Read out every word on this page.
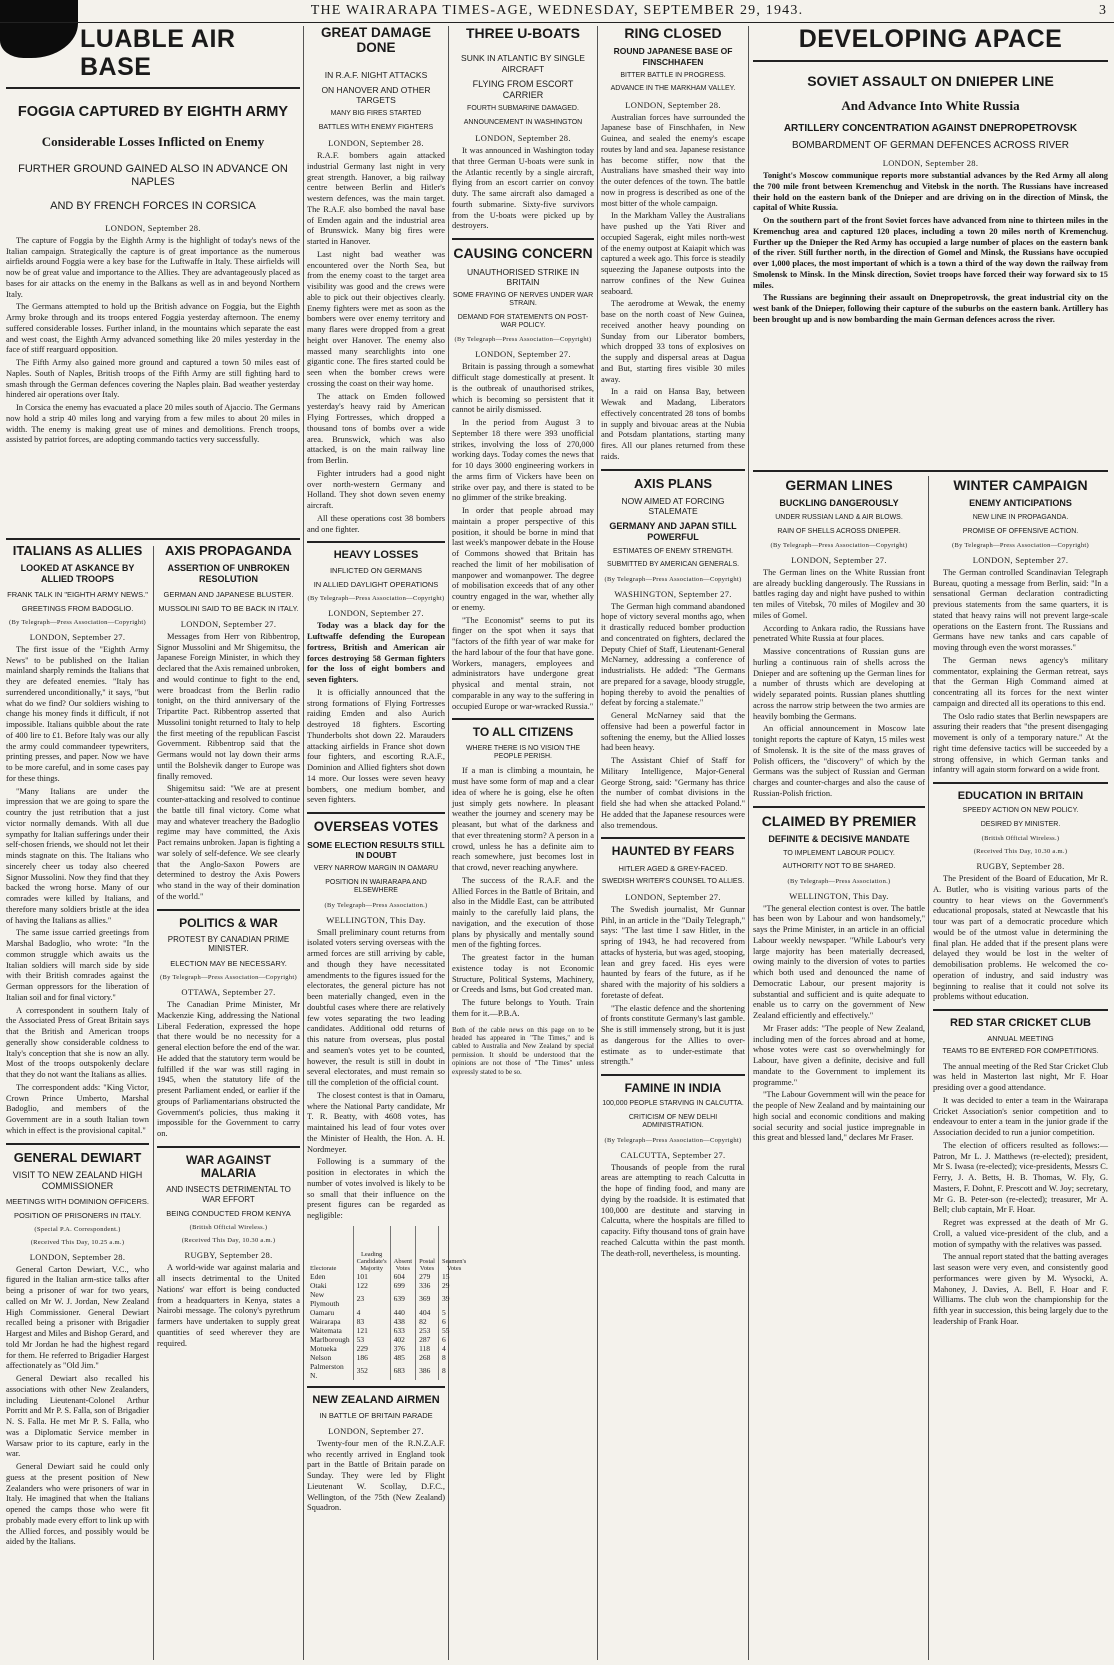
THE WAIRARAPA TIMES-AGE, WEDNESDAY, SEPTEMBER 29, 1943.	3
LUABLE AIR BASE
FOGGIA CAPTURED BY EIGHTH ARMY
Considerable Losses Inflicted on Enemy
FURTHER GROUND GAINED ALSO IN ADVANCE ON NAPLES
AND BY FRENCH FORCES IN CORSICA
LONDON, September 28.

The capture of Foggia by the Eighth Army is the highlight of today's news of the Italian campaign. Strategically the capture is of great importance as the numerous airfields around Foggia were a key base for the Luftwaffe in Italy. These airfields will now be of great value and importance to the Allies. They are advantageously placed as bases for air attacks on the enemy in the Balkans as well as in and beyond Northern Italy.

The Germans attempted to hold up the British advance on Foggia, but the Eighth Army broke through and its troops entered Foggia yesterday afternoon. The enemy suffered considerable losses. Further inland, in the mountains which separate the east and west coast, the Eighth Army advanced something like 20 miles yesterday in the face of stiff rearguard opposition.

The Fifth Army also gained more ground and captured a town 50 miles east of Naples. South of Naples, British troops of the Fifth Army are still fighting hard to smash through the German defences covering the Naples plain. Bad weather yesterday hindered air operations over Italy.

In Corsica the enemy has evacuated a place 20 miles south of Ajaccio. The Germans now hold a strip 40 miles long and varying from a few miles to about 20 miles in width. The enemy is making great use of mines and demolitions. French troops, assisted by patriot forces, are adopting commando tactics very successfully.

ITALIANS AS ALLIES
LOOKED AT ASKANCE BY ALLIED TROOPS
FRANK TALK IN "EIGHTH ARMY NEWS."
GREETINGS FROM BADOGLIO.
(By Telegraph—Press Association—Copyright)
LONDON, September 27.

The first issue of the "Eighth Army News" to be published on the Italian mainland sharply reminds the Italians that they are defeated enemies. "Italy has surrendered unconditionally," it says, "but what do we find? Our soldiers wishing to change his money finds it difficult, if not impossible. Italians quibble about the rate of 400 lire to £1. Before Italy was our ally the army could commandeer typewriters, printing presses, and paper. Now we have to be more careful, and in some cases pay for these things.

"Many Italians are under the impression that we are going to spare the country the just retribution that a just victor normally demands. With all due sympathy for Italian sufferings under their self-chosen friends, we should not let their minds stagnate on this. The Italians who sincerely cheer us today also cheered Signor Mussolini. Now they find that they backed the wrong horse. Many of our comrades were killed by Italians, and therefore many soldiers bristle at the idea of having the Italians as allies."

The same issue carried greetings from Marshal Badoglio, who wrote: "In the common struggle which awaits us the Italian soldiers will march side by side with their British comrades against the German oppressors for the liberation of Italian soil and for final victory."

A correspondent in southern Italy of the Associated Press of Great Britain says that the British and American troops generally show considerable coldness to Italy's conception that she is now an ally. Most of the troops outspokenly declare that they do not want the Italians as allies.

The correspondent adds: "King Victor, Crown Prince Umberto, Marshal Badoglio, and members of the Government are in a south Italian town which in effect is the provisional capital."

GENERAL DEWIART
VISIT TO NEW ZEALAND HIGH COMMISSIONER
MEETINGS WITH DOMINION OFFICERS.
POSITION OF PRISONERS IN ITALY.
(Special P.A. Correspondent.)
(Received This Day, 10.25 a.m.)
LONDON, September 28.

General Carton Dewiart, V.C., who figured in the Italian arm-stice talks after being a prisoner of war for two years, called on Mr W. J. Jordan, New Zealand High Commissioner. General Dewiart recalled being a prisoner with Brigadier Hargest and Miles and Bishop Gerard, and told Mr Jordan he had the highest regard for them. He referred to Brigadier Hargest affectionately as "Old Jim."

General Dewiart also recalled his associations with other New Zealanders, including Lieutenant-Colonel Arthur Porritt and Mr P. S. Falla, son of Brigadier N. S. Falla. He met Mr P. S. Falla, who was a Diplomatic Service member in Warsaw prior to its capture, early in the war.

General Dewiart said he could only guess at the present position of New Zealanders who were prisoners of war in Italy. He imagined that when the Italians opened the camps those who were fit probably made every effort to link up with the Allied forces, and possibly would be aided by the Italians.

AXIS PROPAGANDA
ASSERTION OF UNBROKEN RESOLUTION
GERMAN AND JAPANESE BLUSTER.
MUSSOLINI SAID TO BE BACK IN ITALY.
LONDON, September 27.

Messages from Herr von Ribbentrop, Signor Mussolini and Mr Shigemitsu, the Japanese Foreign Minister, in which they declared that the Axis remained unbroken, and would continue to fight to the end, were broadcast from the Berlin radio tonight, on the third anniversary of the Tripartite Pact. Ribbentrop asserted that Mussolini tonight returned to Italy to help the first meeting of the republican Fascist Government. Ribbentrop said that the Germans would not lay down their arms until the Bolshevik danger to Europe was finally removed.

Shigemitsu said: "We are at present counter-attacking and resolved to continue the battle till final victory. Come what may and whatever treachery the Badoglio regime may have committed, the Axis Pact remains unbroken. Japan is fighting a war solely of self-defence. We see clearly that the Anglo-Saxon Powers are determined to destroy the Axis Powers who stand in the way of their domination of the world."

POLITICS & WAR
PROTEST BY CANADIAN PRIME MINISTER.
ELECTION MAY BE NECESSARY.
(By Telegraph—Press Association—Copyright)
OTTAWA, September 27.

The Canadian Prime Minister, Mr Mackenzie King, addressing the National Liberal Federation, expressed the hope that there would be no necessity for a general election before the end of the war. He added that the statutory term would be fulfilled if the war was still raging in 1945, when the statutory life of the present Parliament ended, or earlier if the groups of Parliamentarians obstructed the Government's policies, thus making it impossible for the Government to carry on.

WAR AGAINST MALARIA
AND INSECTS DETRIMENTAL TO WAR EFFORT
BEING CONDUCTED FROM KENYA
(British Official Wireless.)
(Received This Day, 10.30 a.m.)
RUGBY, September 28.

A world-wide war against malaria and all insects detrimental to the United Nations' war effort is being conducted from a headquarters in Kenya, states a Nairobi message. The colony's pyrethrum farmers have undertaken to supply great quantities of seed wherever they are required.

GREAT DAMAGE DONE
IN R.A.F. NIGHT ATTACKS
ON HANOVER AND OTHER TARGETS
MANY BIG FIRES STARTED
BATTLES WITH ENEMY FIGHTERS
LONDON, September 28.

R.A.F. bombers again attacked industrial Germany last night in very great strength. Hanover, a big railway centre between Berlin and Hitler's western defences, was the main target. The R.A.F. also bombed the naval base of Emden again and the industrial area of Brunswick. Many big fires were started in Hanover.

Last night bad weather was encountered over the North Sea, but from the enemy coast to the target area visibility was good and the crews were able to pick out their objectives clearly. Enemy fighters were met as soon as the bombers were over enemy territory and many flares were dropped from a great height over Hanover. The enemy also massed many searchlights into one gigantic cone. The fires started could be seen when the bomber crews were crossing the coast on their way home.

The attack on Emden followed yesterday's heavy raid by American Flying Fortresses, which dropped a thousand tons of bombs over a wide area. Brunswick, which was also attacked, is on the main railway line from Berlin.

Fighter intruders had a good night over north-western Germany and Holland. They shot down seven enemy aircraft.

All these operations cost 38 bombers and one fighter.

HEAVY LOSSES
INFLICTED ON GERMANS
IN ALLIED DAYLIGHT OPERATIONS
(By Telegraph—Press Association—Copyright)
LONDON, September 27.

Today was a black day for the Luftwaffe defending the European fortress, British and American air forces destroying 58 German fighters for the loss of eight bombers and seven fighters.

It is officially announced that the strong formations of Flying Fortresses raiding Emden and also Aurich destroyed 18 fighters. Escorting Thunderbolts shot down 22. Marauders attacking airfields in France shot down four fighters, and escorting R.A.F., Dominion and Allied fighters shot down 14 more. Our losses were seven heavy bombers, one medium bomber, and seven fighters.

OVERSEAS VOTES
SOME ELECTION RESULTS STILL IN DOUBT
VERY NARROW MARGIN IN OAMARU
POSITION IN WAIRARAPA AND ELSEWHERE
(By Telegraph—Press Association.)
WELLINGTON, This Day.

Small preliminary count returns from isolated voters serving overseas with the armed forces are still arriving by cable, and though they have necessitated amendments to the figures issued for the electorates, the general picture has not been materially changed, even in the doubtful cases where there are relatively few votes separating the two leading candidates. Additional odd returns of this nature from overseas, plus postal and seamen's votes yet to be counted, however, the result is still in doubt in several electorates, and must remain so till the completion of the official count.

The closest contest is that in Oamaru, where the National Party candidate, Mr T. R. Beatty, with 4608 votes, has maintained his lead of four votes over the Minister of Health, the Hon. A. H. Nordmeyer.

Following is a summary of the position in electorates in which the number of votes involved is likely to be so small that their influence on the present figures can be regarded as negligible:

Electorate	Leading Candidate's Majority	Absent Votes	Postal Votes	Seamen's Votes
Eden	101	604	279	15
Otaki	122	699	336	29
New Plymouth	23	639	369	39
Oamaru	4	440	404	5
Wairarapa	83	438	82	6
Waitemata	121	633	253	55
Marlborough	53	402	287	6
Motueka	229	376	118	4
Nelson	186	485	268	8
Palmerston N.	352	683	386	8
NEW ZEALAND AIRMEN
IN BATTLE OF BRITAIN PARADE
LONDON, September 27.

Twenty-four men of the R.N.Z.A.F. who recently arrived in England took part in the Battle of Britain parade on Sunday. They were led by Flight Lieutenant W. Scollay, D.F.C., Wellington, of the 75th (New Zealand) Squadron.

THREE U-BOATS
SUNK IN ATLANTIC BY SINGLE AIRCRAFT
FLYING FROM ESCORT CARRIER
FOURTH SUBMARINE DAMAGED.
ANNOUNCEMENT IN WASHINGTON
LONDON, September 28.

It was announced in Washington today that three German U-boats were sunk in the Atlantic recently by a single aircraft, flying from an escort carrier on convoy duty. The same aircraft also damaged a fourth submarine. Sixty-five survivors from the U-boats were picked up by destroyers.

CAUSING CONCERN
UNAUTHORISED STRIKE IN BRITAIN
SOME FRAYING OF NERVES UNDER WAR STRAIN.
DEMAND FOR STATEMENTS ON POST-WAR POLICY.
(By Telegraph—Press Association—Copyright)
LONDON, September 27.

Britain is passing through a somewhat difficult stage domestically at present. It is the outbreak of unauthorised strikes, which is becoming so persistent that it cannot be airily dismissed.

In the period from August 3 to September 18 there were 393 unofficial strikes, involving the loss of 270,000 working days. Today comes the news that for 10 days 3000 engineering workers in the arms firm of Vickers have been on strike over pay, and there is stated to be no glimmer of the strike breaking.

In order that people abroad may maintain a proper perspective of this position, it should be borne in mind that last week's manpower debate in the House of Commons showed that Britain has reached the limit of her mobilisation of manpower and womanpower. The degree of mobilisation exceeds that of any other country engaged in the war, whether ally or enemy.

"The Economist" seems to put its finger on the spot when it says that "factors of the fifth year of war make for the hard labour of the four that have gone. Workers, managers, employees and administrators have undergone great physical and mental strain, not comparable in any way to the suffering in occupied Europe or war-wracked Russia."

TO ALL CITIZENS
WHERE THERE IS NO VISION THE PEOPLE PERISH.

If a man is climbing a mountain, he must have some form of map and a clear idea of where he is going, else he often just simply gets nowhere. In pleasant weather the journey and scenery may be pleasant, but what of the darkness and that ever threatening storm? A person in a crowd, unless he has a definite aim to reach somewhere, just becomes lost in that crowd, never reaching anywhere.

The success of the R.A.F. and the Allied Forces in the Battle of Britain, and also in the Middle East, can be attributed mainly to the carefully laid plans, the navigation, and the execution of those plans by physically and mentally sound men of the fighting forces.

The greatest factor in the human existence today is not Economic Structure, Political Systems, Machinery, or Creeds and Isms, but God created man.

The future belongs to Youth. Train them for it.—P.B.A.

Both of the cable news on this page on to be headed has appeared in "The Times," and is cabled to Australia and New Zealand by special permission. It should be understood that the opinions are not those of "The Times" unless expressly stated to be so.
RING CLOSED
ROUND JAPANESE BASE OF FINSCHHAFEN
BITTER BATTLE IN PROGRESS.
ADVANCE IN THE MARKHAM VALLEY.
LONDON, September 28.

Australian forces have surrounded the Japanese base of Finschhafen, in New Guinea, and sealed the enemy's escape routes by land and sea. Japanese resistance has become stiffer, now that the Australians have smashed their way into the outer defences of the town. The battle now in progress is described as one of the most bitter of the whole campaign.

In the Markham Valley the Australians have pushed up the Yati River and occupied Sagerak, eight miles north-west of the enemy outpost at Kaiapit which was captured a week ago. This force is steadily squeezing the Japanese outposts into the narrow confines of the New Guinea seaboard.

The aerodrome at Wewak, the enemy base on the north coast of New Guinea, received another heavy pounding on Sunday from our Liberator bombers, which dropped 33 tons of explosives on the supply and dispersal areas at Dagua and But, starting fires visible 30 miles away.

In a raid on Hansa Bay, between Wewak and Madang, Liberators effectively concentrated 28 tons of bombs in supply and bivouac areas at the Nubia and Potsdam plantations, starting many fires. All our planes returned from these raids.

AXIS PLANS
NOW AIMED AT FORCING STALEMATE
GERMANY AND JAPAN STILL POWERFUL
ESTIMATES OF ENEMY STRENGTH.
SUBMITTED BY AMERICAN GENERALS.
(By Telegraph—Press Association—Copyright)
WASHINGTON, September 27.

The German high command abandoned hope of victory several months ago, when it drastically reduced bomber production and concentrated on fighters, declared the Deputy Chief of Staff, Lieutenant-General McNarney, addressing a conference of industrialists. He added: "The Germans are prepared for a savage, bloody struggle, hoping thereby to avoid the penalties of defeat by forcing a stalemate."

General McNarney said that the offensive had been a powerful factor in softening the enemy, but the Allied losses had been heavy.

The Assistant Chief of Staff for Military Intelligence, Major-General George Strong, said: "Germany has thrice the number of combat divisions in the field she had when she attacked Poland." He added that the Japanese resources were also tremendous.

HAUNTED BY FEARS
HITLER AGED & GREY-FACED.
SWEDISH WRITER'S COUNSEL TO ALLIES.
LONDON, September 27.

The Swedish journalist, Mr Gunnar Pihl, in an article in the "Daily Telegraph," says: "The last time I saw Hitler, in the spring of 1943, he had recovered from attacks of hysteria, but was aged, stooping, lean and grey faced. His eyes were haunted by fears of the future, as if he shared with the majority of his soldiers a foretaste of defeat.

"The elastic defence and the shortening of fronts constitute Germany's last gamble. She is still immensely strong, but it is just as dangerous for the Allies to over-estimate as to under-estimate that strength."

FAMINE IN INDIA
100,000 PEOPLE STARVING IN CALCUTTA.
CRITICISM OF NEW DELHI ADMINISTRATION.
(By Telegraph—Press Association—Copyright)
CALCUTTA, September 27.

Thousands of people from the rural areas are attempting to reach Calcutta in the hope of finding food, and many are dying by the roadside. It is estimated that 100,000 are destitute and starving in Calcutta, where the hospitals are filled to capacity. Fifty thousand tons of grain have reached Calcutta within the past month. The death-roll, nevertheless, is mounting.

DEVELOPING APACE
SOVIET ASSAULT ON DNIEPER LINE
And Advance Into White Russia
ARTILLERY CONCENTRATION AGAINST DNEPROPETROVSK
BOMBARDMENT OF GERMAN DEFENCES ACROSS RIVER
LONDON, September 28.

Tonight's Moscow communique reports more substantial advances by the Red Army all along the 700 mile front between Kremenchug and Vitebsk in the north. The Russians have increased their hold on the eastern bank of the Dnieper and are driving on in the direction of Minsk, the capital of White Russia.

On the southern part of the front Soviet forces have advanced from nine to thirteen miles in the Kremenchug area and captured 120 places, including a town 20 miles north of Kremenchug. Further up the Dnieper the Red Army has occupied a large number of places on the eastern bank of the river. Still further north, in the direction of Gomel and Minsk, the Russians have occupied over 1,000 places, the most important of which is a town a third of the way down the railway from Smolensk to Minsk. In the Minsk direction, Soviet troops have forced their way forward six to 15 miles.

The Russians are beginning their assault on Dnepropetrovsk, the great industrial city on the west bank of the Dnieper, following their capture of the suburbs on the eastern bank. Artillery has been brought up and is now bombarding the main German defences across the river.

GERMAN LINES
BUCKLING DANGEROUSLY
UNDER RUSSIAN LAND & AIR BLOWS.
RAIN OF SHELLS ACROSS DNIEPER.
(By Telegraph—Press Association—Copyright)
LONDON, September 27.

The German lines on the White Russian front are already buckling dangerously. The Russians in battles raging day and night have pushed to within ten miles of Vitebsk, 70 miles of Mogilev and 30 miles of Gomel.

According to Ankara radio, the Russians have penetrated White Russia at four places.

Massive concentrations of Russian guns are hurling a continuous rain of shells across the Dnieper and are softening up the German lines for a number of thrusts which are developing at widely separated points. Russian planes shuttling across the narrow strip between the two armies are heavily bombing the Germans.

An official announcement in Moscow late tonight reports the capture of Katyn, 15 miles west of Smolensk. It is the site of the mass graves of Polish officers, the "discovery" of which by the Germans was the subject of Russian and German charges and counter-charges and also the cause of Russian-Polish friction.

CLAIMED BY PREMIER
DEFINITE & DECISIVE MANDATE
TO IMPLEMENT LABOUR POLICY.
AUTHORITY NOT TO BE SHARED.
(By Telegraph—Press Association.)
WELLINGTON, This Day.

"The general election contest is over. The battle has been won by Labour and won handsomely," says the Prime Minister, in an article in an official Labour weekly newspaper. "While Labour's very large majority has been materially decreased, owing mainly to the diversion of votes to parties which both used and denounced the name of Democratic Labour, our present majority is substantial and sufficient and is quite adequate to enable us to carry on the government of New Zealand efficiently and effectively."

Mr Fraser adds: "The people of New Zealand, including men of the forces abroad and at home, whose votes were cast so overwhelmingly for Labour, have given a definite, decisive and full mandate to the Government to implement its programme."

"The Labour Government will win the peace for the people of New Zealand and by maintaining our high social and economic conditions and making social security and social justice impregnable in this great and blessed land," declares Mr Fraser.

WINTER CAMPAIGN
ENEMY ANTICIPATIONS
NEW LINE IN PROPAGANDA.
PROMISE OF OFFENSIVE ACTION.
(By Telegraph—Press Association—Copyright)
LONDON, September 27.

The German controlled Scandinavian Telegraph Bureau, quoting a message from Berlin, said: "In a sensational German declaration contradicting previous statements from the same quarters, it is stated that heavy rains will not prevent large-scale operations on the Eastern front. The Russians and Germans have new tanks and cars capable of moving through even the worst morasses."

The German news agency's military commentator, explaining the German retreat, says that the German High Command aimed at concentrating all its forces for the next winter campaign and directed all its operations to this end.

The Oslo radio states that Berlin newspapers are assuring their readers that "the present disengaging movement is only of a temporary nature." At the right time defensive tactics will be succeeded by a strong offensive, in which German tanks and infantry will again storm forward on a wide front.

EDUCATION IN BRITAIN
SPEEDY ACTION ON NEW POLICY.
DESIRED BY MINISTER.
(British Official Wireless.)
(Received This Day, 10.30 a.m.)
RUGBY, September 28.

The President of the Board of Education, Mr R. A. Butler, who is visiting various parts of the country to hear views on the Government's educational proposals, stated at Newcastle that his tour was part of a democratic procedure which would be of the utmost value in determining the final plan. He added that if the present plans were delayed they would be lost in the welter of demobilisation problems. He welcomed the co-operation of industry, and said industry was beginning to realise that it could not solve its problems without education.

RED STAR CRICKET CLUB
ANNUAL MEETING
TEAMS TO BE ENTERED FOR COMPETITIONS.

The annual meeting of the Red Star Cricket Club was held in Masterton last night, Mr F. Hoar presiding over a good attendance.

It was decided to enter a team in the Wairarapa Cricket Association's senior competition and to endeavour to enter a team in the junior grade if the Association decided to run a junior competition.

The election of officers resulted as follows:—Patron, Mr L. J. Matthews (re-elected); president, Mr S. Iwasa (re-elected); vice-presidents, Messrs C. Ferry, J. A. Betts, H. B. Thomas, W. Fly, G. Masters, F. Dohnt, F. Prescott and W. Joy; secretary, Mr G. B. Peter-son (re-elected); treasurer, Mr A. Bell; club captain, Mr F. Hoar.

Regret was expressed at the death of Mr G. Croll, a valued vice-president of the club, and a motion of sympathy with the relatives was passed.

The annual report stated that the batting averages last season were very even, and consistently good performances were given by M. Wysocki, A. Mahoney, J. Davies, A. Bell, F. Hoar and F. Williams. The club won the championship for the fifth year in succession, this being largely due to the leadership of Frank Hoar.
